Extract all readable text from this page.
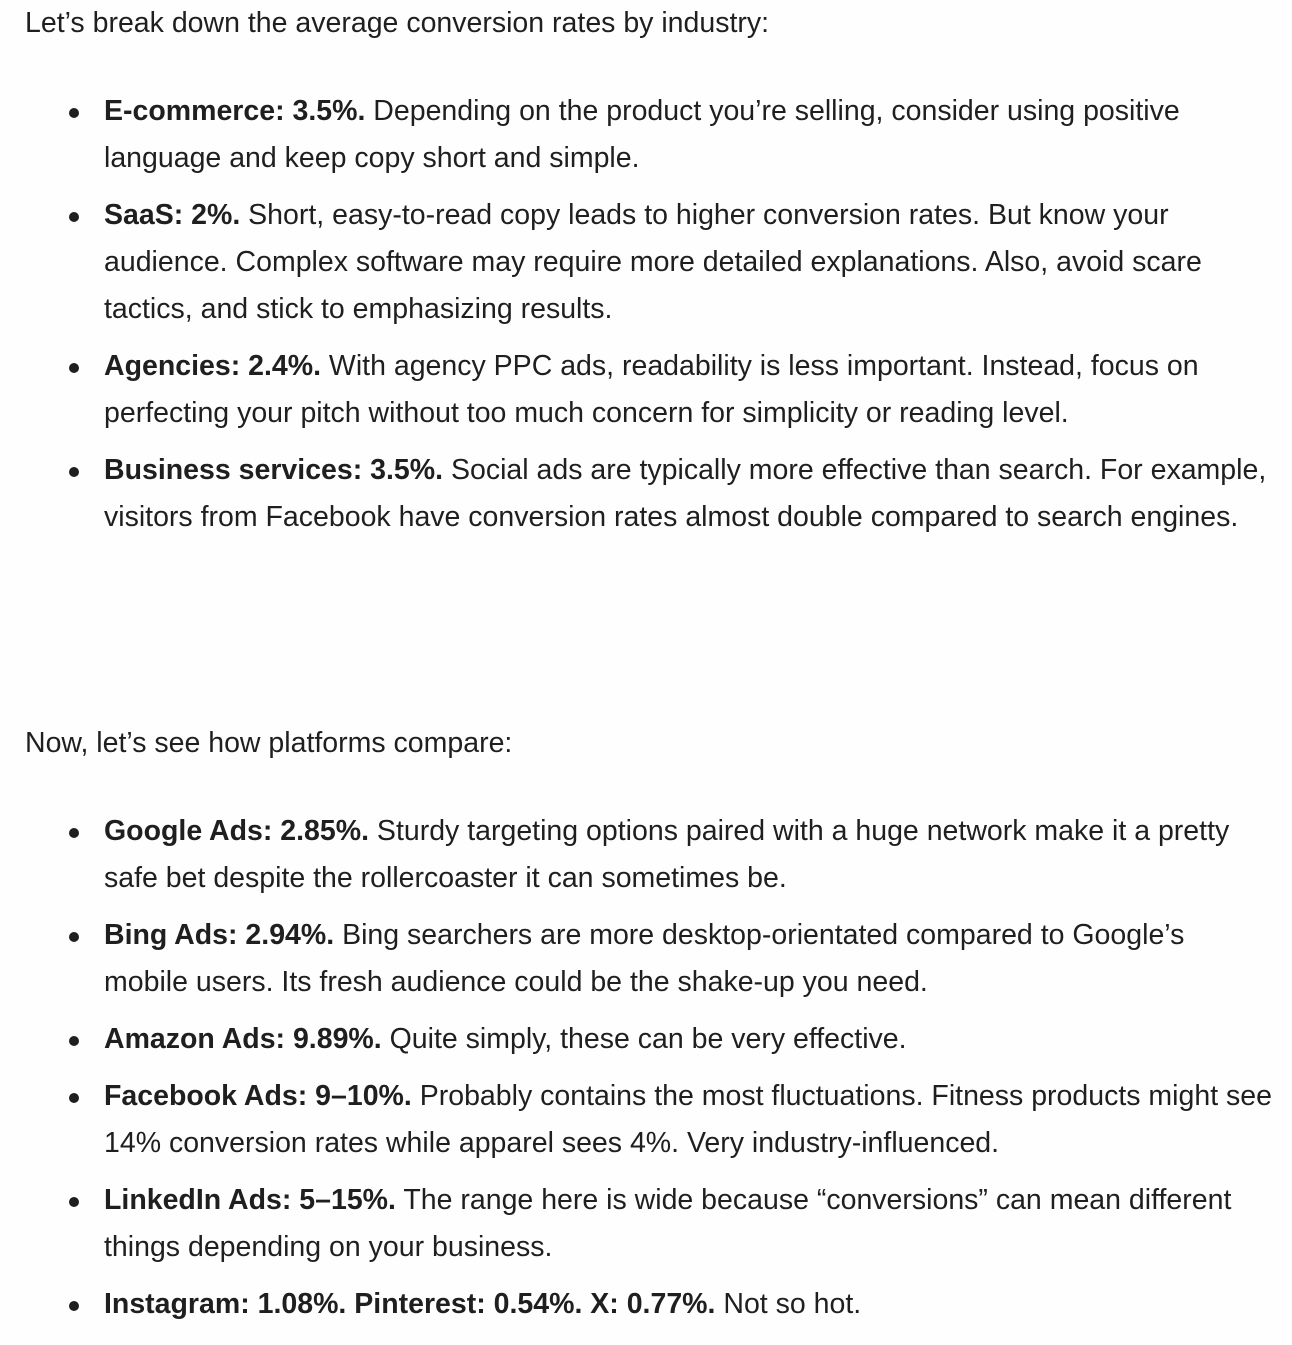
Let’s break down the average conversion rates by industry:

E-commerce: 3.5%. Depending on the product you’re selling, consider using positive language and keep copy short and simple.
SaaS: 2%. Short, easy-to-read copy leads to higher conversion rates. But know your audience. Complex software may require more detailed explanations. Also, avoid scare tactics, and stick to emphasizing results.
Agencies: 2.4%. With agency PPC ads, readability is less important. Instead, focus on perfecting your pitch without too much concern for simplicity or reading level.
Business services: 3.5%. Social ads are typically more effective than search. For example, visitors from Facebook have conversion rates almost double compared to search engines.

Now, let’s see how platforms compare:

Google Ads: 2.85%. Sturdy targeting options paired with a huge network make it a pretty safe bet despite the rollercoaster it can sometimes be.
Bing Ads: 2.94%. Bing searchers are more desktop-orientated compared to Google’s mobile users. Its fresh audience could be the shake-up you need.
Amazon Ads: 9.89%. Quite simply, these can be very effective.
Facebook Ads: 9–10%. Probably contains the most fluctuations. Fitness products might see 14% conversion rates while apparel sees 4%. Very industry-influenced.
LinkedIn Ads: 5–15%. The range here is wide because “conversions” can mean different things depending on your business.
Instagram: 1.08%. Pinterest: 0.54%. X: 0.77%. Not so hot.
